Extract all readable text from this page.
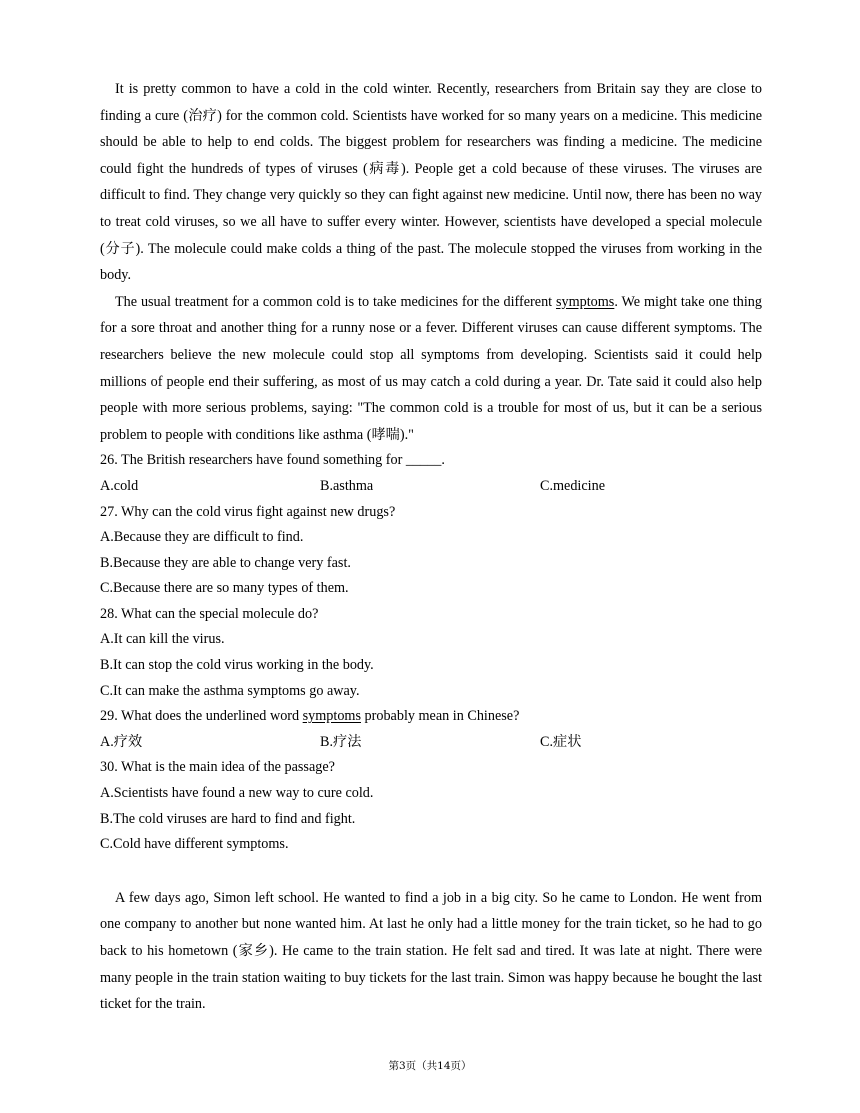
It is pretty common to have a cold in the cold winter. Recently, researchers from Britain say they are close to finding a cure (治疗) for the common cold. Scientists have worked for so many years on a medicine. This medicine should be able to help to end colds. The biggest problem for researchers was finding a medicine. The medicine could fight the hundreds of types of viruses (病毒). People get a cold because of these viruses. The viruses are difficult to find. They change very quickly so they can fight against new medicine. Until now, there has been no way to treat cold viruses, so we all have to suffer every winter. However, scientists have developed a special molecule (分子). The molecule could make colds a thing of the past. The molecule stopped the viruses from working in the body.

The usual treatment for a common cold is to take medicines for the different symptoms. We might take one thing for a sore throat and another thing for a runny nose or a fever. Different viruses can cause different symptoms. The researchers believe the new molecule could stop all symptoms from developing. Scientists said it could help millions of people end their suffering, as most of us may catch a cold during a year. Dr. Tate said it could also help people with more serious problems, saying: "The common cold is a trouble for most of us, but it can be a serious problem to people with conditions like asthma (哮喘)."

26. The British researchers have found something for _____.

A.cold	B.asthma	C.medicine

27. Why can the cold virus fight against new drugs?

A.Because they are difficult to find.

B.Because they are able to change very fast.

C.Because there are so many types of them.

28. What can the special molecule do?

A.It can kill the virus.

B.It can stop the cold virus working in the body.

C.It can make the asthma symptoms go away.

29. What does the underlined word symptoms probably mean in Chinese?

A.疗效	B.疗法	C.症状

30. What is the main idea of the passage?

A.Scientists have found a new way to cure cold.

B.The cold viruses are hard to find and fight.

C.Cold have different symptoms.

A few days ago, Simon left school. He wanted to find a job in a big city. So he came to London. He went from one company to another but none wanted him. At last he only had a little money for the train ticket, so he had to go back to his hometown (家乡). He came to the train station. He felt sad and tired. It was late at night. There were many people in the train station waiting to buy tickets for the last train. Simon was happy because he bought the last ticket for the train.

第3页（共14页）
